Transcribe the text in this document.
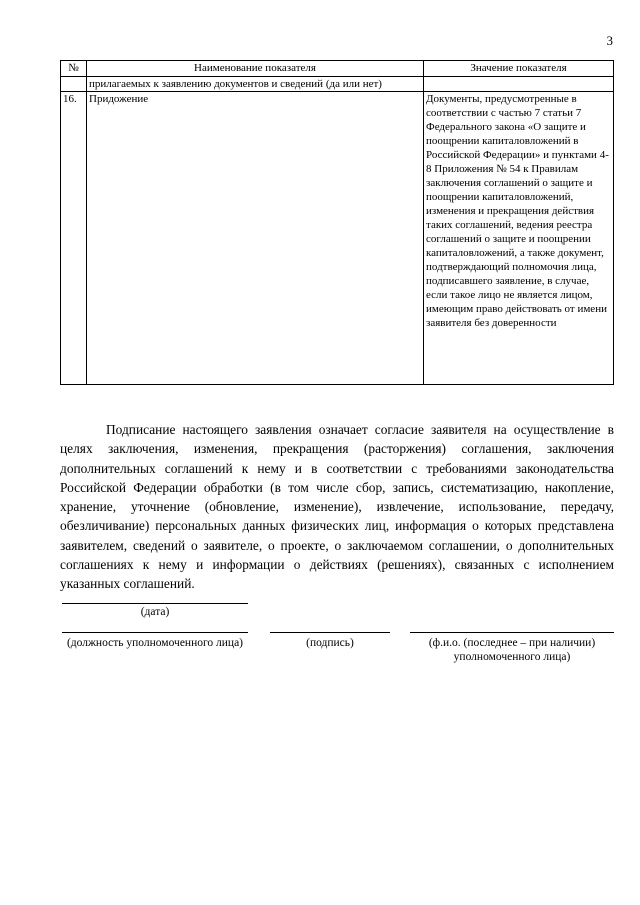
3
№	Наименование показателя	Значение показателя
	прилагаемых к заявлению документов и сведений (да или нет)	
16.	Придожение	Документы, предусмотренные в соответствии с частью 7 статьи 7 Федерального закона «О защите и поощрении капиталовложений в Российской Федерации» и пунктами 4-8 Приложения № 54 к Правилам заключения соглашений о защите и поощрении капиталовложений, изменения и прекращения действия таких соглашений, ведения реестра соглашений о защите и поощрении капиталовложений, а также документ, подтверждающий полномочия лица, подписавшего заявление, в случае, если такое лицо не является лицом, имеющим право действовать от имени заявителя без доверенности

Подписание настоящего заявления означает согласие заявителя на осуществление в целях заключения, изменения, прекращения (расторжения) соглашения, заключения дополнительных соглашений к нему и в соответствии с требованиями законодательства Российской Федерации обработки (в том числе сбор, запись, систематизацию, накопление, хранение, уточнение (обновление, изменение), извлечение, использование, передачу, обезличивание) персональных данных физических лиц, информация о которых представлена заявителем, сведений о заявителе, о проекте, о заключаемом соглашении, о дополнительных соглашениях к нему и информации о действиях (решениях), связанных с исполнением указанных соглашений.

(дата)
(должность уполномоченного лица)	(подпись)	(ф.и.о. (последнее – при наличии) уполномоченного лица)
